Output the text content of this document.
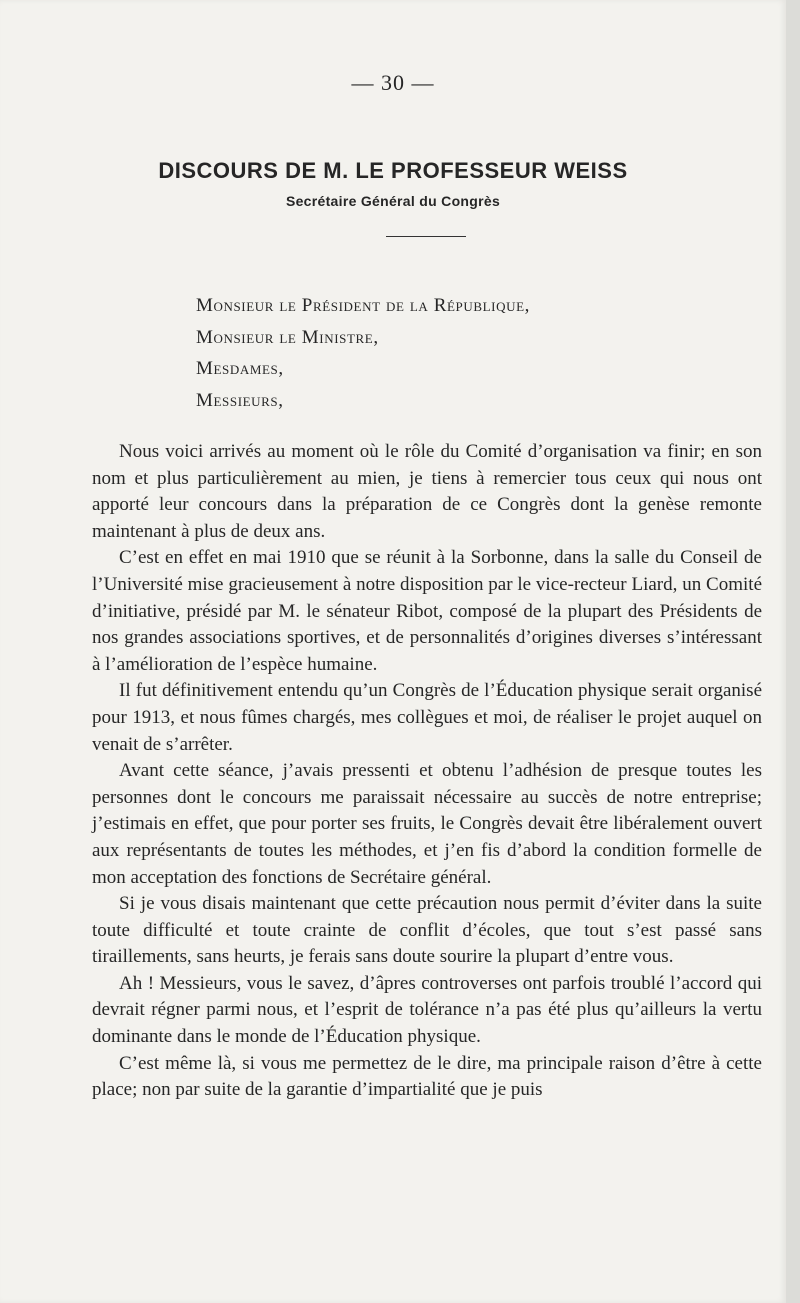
— 30 —
DISCOURS DE M. LE PROFESSEUR WEISS
Secrétaire Général du Congrès
Monsieur le Président de la République,
Monsieur le Ministre,
Mesdames,
Messieurs,

Nous voici arrivés au moment où le rôle du Comité d’organisation va finir; en son nom et plus particulièrement au mien, je tiens à remercier tous ceux qui nous ont apporté leur concours dans la préparation de ce Congrès dont la genèse remonte maintenant à plus de deux ans.

C’est en effet en mai 1910 que se réunit à la Sorbonne, dans la salle du Conseil de l’Université mise gracieusement à notre disposition par le vice-recteur Liard, un Comité d’initiative, présidé par M. le sénateur Ribot, composé de la plupart des Présidents de nos grandes associations sportives, et de personnalités d’origines diverses s’intéressant à l’amélioration de l’espèce humaine.

Il fut définitivement entendu qu’un Congrès de l’Éducation physique serait organisé pour 1913, et nous fûmes chargés, mes collègues et moi, de réaliser le projet auquel on venait de s’arrêter.

Avant cette séance, j’avais pressenti et obtenu l’adhésion de presque toutes les personnes dont le concours me paraissait nécessaire au succès de notre entreprise; j’estimais en effet, que pour porter ses fruits, le Congrès devait être libéralement ouvert aux représentants de toutes les méthodes, et j’en fis d’abord la condition formelle de mon acceptation des fonctions de Secrétaire général.

Si je vous disais maintenant que cette précaution nous permit d’éviter dans la suite toute difficulté et toute crainte de conflit d’écoles, que tout s’est passé sans tiraillements, sans heurts, je ferais sans doute sourire la plupart d’entre vous.

Ah ! Messieurs, vous le savez, d’âpres controverses ont parfois troublé l’accord qui devrait régner parmi nous, et l’esprit de tolérance n’a pas été plus qu’ailleurs la vertu dominante dans le monde de l’Éducation physique.

C’est même là, si vous me permettez de le dire, ma principale raison d’être à cette place; non par suite de la garantie d’impartialité que je puis
